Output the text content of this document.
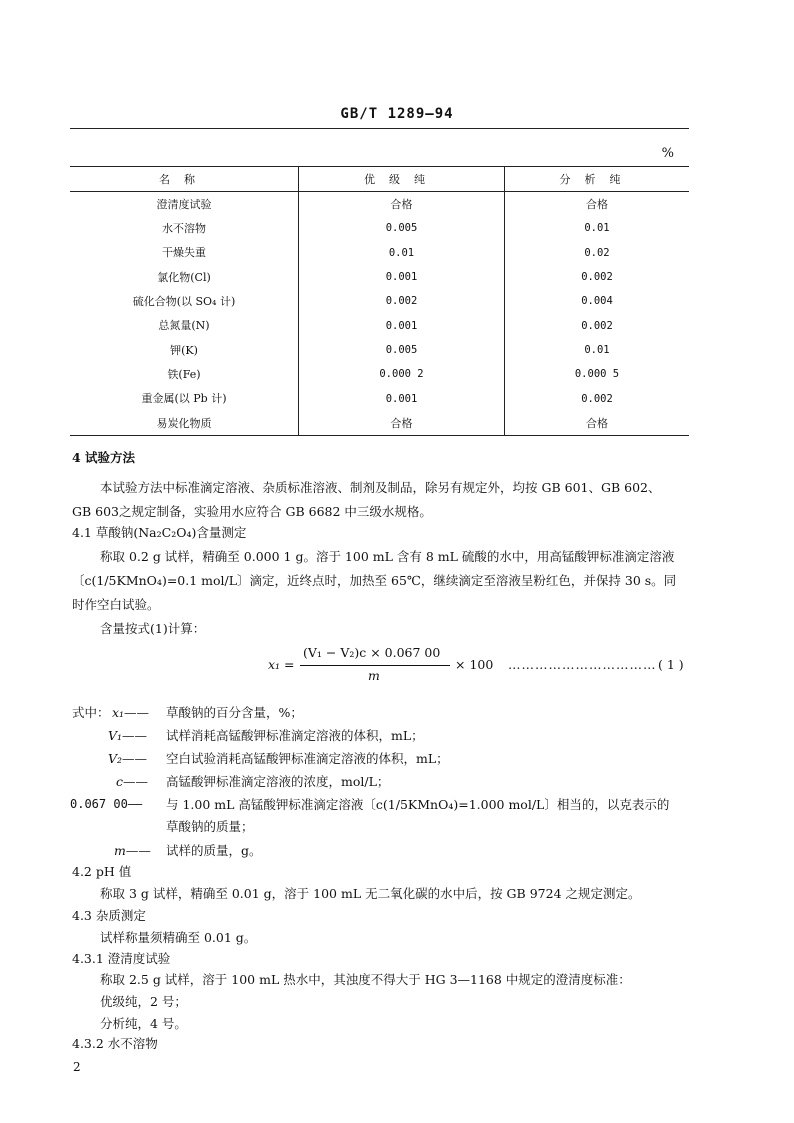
GB/T 1289—94
%
名称	优级纯	分析纯
澄清度试验	合格	合格
水不溶物	0.005	0.01
干燥失重	0.01	0.02
氯化物(Cl)	0.001	0.002
硫化合物(以 SO₄ 计)	0.002	0.004
总氮量(N)	0.001	0.002
钾(K)	0.005	0.01
铁(Fe)	0.000 2	0.000 5
重金属(以 Pb 计)	0.001	0.002
易炭化物质	合格	合格
4 试验方法

本试验方法中标准滴定溶液、杂质标准溶液、制剂及制品，除另有规定外，均按 GB 601、GB 602、

GB 603之规定制备，实验用水应符合 GB 6682 中三级水规格。

4.1 草酸钠(Na₂C₂O₄)含量测定

称取 0.2 g 试样，精确至 0.000 1 g。溶于 100 mL 含有 8 mL 硫酸的水中，用高锰酸钾标准滴定溶液

〔c(1/5KMnO₄)=0.1 mol/L〕滴定，近终点时，加热至 65℃，继续滴定至溶液呈粉红色，并保持 30 s。同

时作空白试验。

含量按式(1)计算：

x₁ =
(V₁ − V₂)c × 0.067 00
m
× 100 …………………………… ( 1 )
式中： x₁—— 草酸钠的百分含量，%；
V₁—— 试样消耗高锰酸钾标准滴定溶液的体积，mL；
V₂—— 空白试验消耗高锰酸钾标准滴定溶液的体积，mL；
c—— 高锰酸钾标准滴定溶液的浓度，mol/L；
0.067 00—— 与 1.00 mL 高锰酸钾标准滴定溶液〔c(1/5KMnO₄)=1.000 mol/L〕相当的，以克表示的
草酸钠的质量；
m—— 试样的质量，g。
4.2 pH 值
称取 3 g 试样，精确至 0.01 g，溶于 100 mL 无二氧化碳的水中后，按 GB 9724 之规定测定。
4.3 杂质测定
试样称量须精确至 0.01 g。
4.3.1 澄清度试验
称取 2.5 g 试样，溶于 100 mL 热水中，其浊度不得大于 HG 3—1168 中规定的澄清度标准：
优级纯，2 号；
分析纯，4 号。
4.3.2 水不溶物
2
